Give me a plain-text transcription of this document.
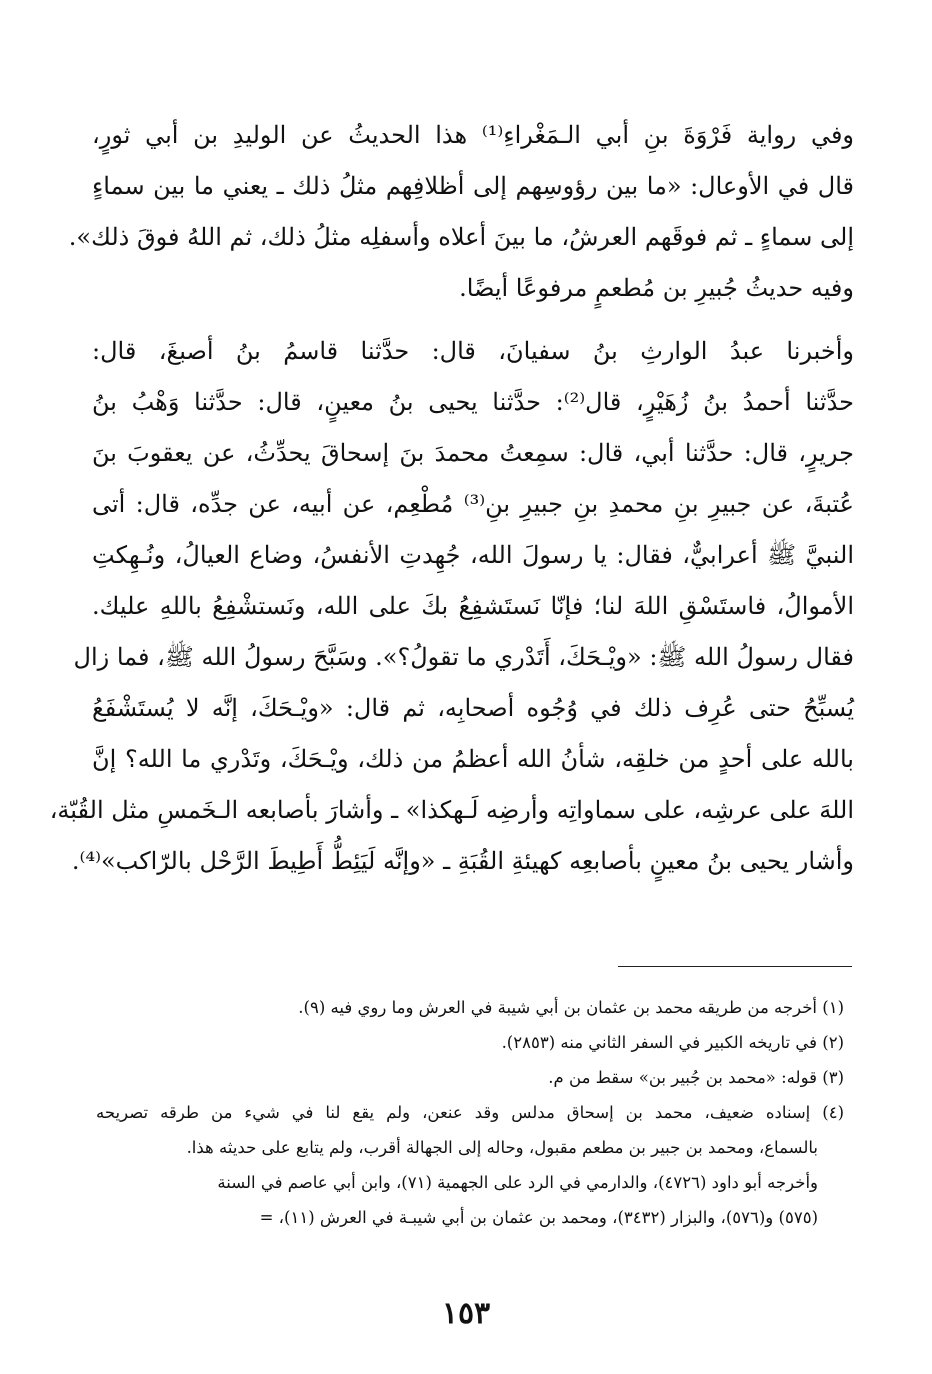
وفي رواية فَرْوَةَ بنِ أبي الـمَغْراءِ⁽¹⁾ هذا الحديثُ عن الوليدِ بن أبي ثورٍ،
قال في الأوعال: «ما بين رؤوسِهم إلى أظلافِهم مثلُ ذلك ـ يعني ما بين سماءٍ
إلى سماءٍ ـ ثم فوقَهم العرشُ، ما بينَ أعلاه وأسفلِه مثلُ ذلك، ثم اللهُ فوقَ ذلك».
وفيه حديثُ جُبيرِ بن مُطعمٍ مرفوعًا أيضًا.
وأخبرنا عبدُ الوارثِ بنُ سفيانَ، قال: حدَّثنا قاسمُ بنُ أصبغَ، قال:
حدَّثنا أحمدُ بنُ زُهَيْرٍ، قال⁽²⁾: حدَّثنا يحيى بنُ معينٍ، قال: حدَّثنا وَهْبُ بنُ
جريرٍ، قال: حدَّثنا أبي، قال: سمِعتُ محمدَ بنَ إسحاقَ يحدِّثُ، عن يعقوبَ بنَ
عُتبةَ، عن جبيرِ بنِ محمدِ بنِ جبيرِ بنِ⁽³⁾ مُطْعِم، عن أبيه، عن جدِّه، قال: أتى
النبيَّ ﷺ أعرابيٌّ، فقال: يا رسولَ الله، جُهِدتِ الأنفسُ، وضاع العيالُ، ونُـهِكتِ
الأموالُ، فاستَسْقِ اللهَ لنا؛ فإنّا نَستَشفِعُ بكَ على الله، ونَستشْفِعُ باللهِ عليك.
فقال رسولُ الله ﷺ: «ويْـحَكَ، أَتَدْري ما تقولُ؟». وسَبَّحَ رسولُ الله ﷺ، فما زال
يُسبِّحُ حتى عُرِف ذلك في وُجُوه أصحابِه، ثم قال: «ويْـحَكَ، إنَّه لا يُستَشْفَعُ
بالله على أحدٍ من خلقِه، شأنُ الله أعظمُ من ذلك، ويْـحَكَ، وتَدْري ما الله؟ إنَّ
اللهَ على عرشِه، على سماواتِه وأرضِه لَـهكذا» ـ وأشارَ بأصابعه الـخَمسِ مثل القُبّة،
وأشار يحيى بنُ معينٍ بأصابعِه كهيئةِ القُبَةِ ـ «وإنَّه لَيَئِطُّ أَطِيطَ الرَّحْل بالرّاكب»⁽⁴⁾.
(١) أخرجه من طريقه محمد بن عثمان بن أبي شيبة في العرش وما روي فيه (٩).
(٢) في تاريخه الكبير في السفر الثاني منه (٢٨٥٣).
(٣) قوله: «محمد بن جُبير بن» سقط من م.
(٤) إسناده ضعيف، محمد بن إسحاق مدلس وقد عنعن، ولم يقع لنا في شيء من طرقه تصريحه
بالسماع، ومحمد بن جبير بن مطعم مقبول، وحاله إلى الجهالة أقرب، ولم يتابع على حديثه هذا.
وأخرجه أبو داود (٤٧٢٦)، والدارمي في الرد على الجهمية (٧١)، وابن أبي عاصم في السنة
(٥٧٥) و(٥٧٦)، والبزار (٣٤٣٢)، ومحمد بن عثمان بن أبي شيبـة في العرش (١١)، =
١٥٣
